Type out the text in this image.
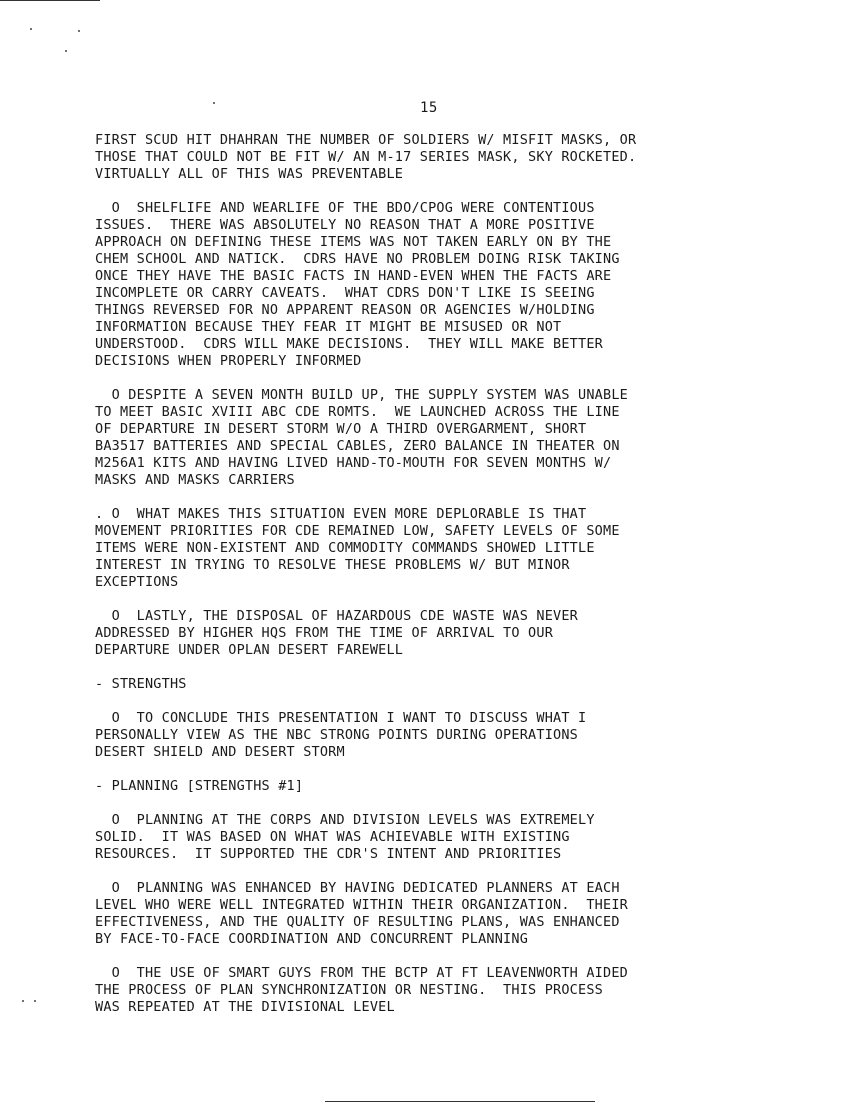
15

FIRST SCUD HIT DHAHRAN THE NUMBER OF SOLDIERS W/ MISFIT MASKS, OR
THOSE THAT COULD NOT BE FIT W/ AN M-17 SERIES MASK, SKY ROCKETED.
VIRTUALLY ALL OF THIS WAS PREVENTABLE

O  SHELFLIFE AND WEARLIFE OF THE BDO/CPOG WERE CONTENTIOUS
ISSUES.  THERE WAS ABSOLUTELY NO REASON THAT A MORE POSITIVE
APPROACH ON DEFINING THESE ITEMS WAS NOT TAKEN EARLY ON BY THE
CHEM SCHOOL AND NATICK.  CDRS HAVE NO PROBLEM DOING RISK TAKING
ONCE THEY HAVE THE BASIC FACTS IN HAND-EVEN WHEN THE FACTS ARE
INCOMPLETE OR CARRY CAVEATS.  WHAT CDRS DON'T LIKE IS SEEING
THINGS REVERSED FOR NO APPARENT REASON OR AGENCIES W/HOLDING
INFORMATION BECAUSE THEY FEAR IT MIGHT BE MISUSED OR NOT
UNDERSTOOD.  CDRS WILL MAKE DECISIONS.  THEY WILL MAKE BETTER
DECISIONS WHEN PROPERLY INFORMED

O DESPITE A SEVEN MONTH BUILD UP, THE SUPPLY SYSTEM WAS UNABLE
TO MEET BASIC XVIII ABC CDE ROMTS.  WE LAUNCHED ACROSS THE LINE
OF DEPARTURE IN DESERT STORM W/O A THIRD OVERGARMENT, SHORT
BA3517 BATTERIES AND SPECIAL CABLES, ZERO BALANCE IN THEATER ON
M256A1 KITS AND HAVING LIVED HAND-TO-MOUTH FOR SEVEN MONTHS W/
MASKS AND MASKS CARRIERS

. O  WHAT MAKES THIS SITUATION EVEN MORE DEPLORABLE IS THAT
MOVEMENT PRIORITIES FOR CDE REMAINED LOW, SAFETY LEVELS OF SOME
ITEMS WERE NON-EXISTENT AND COMMODITY COMMANDS SHOWED LITTLE
INTEREST IN TRYING TO RESOLVE THESE PROBLEMS W/ BUT MINOR
EXCEPTIONS

O  LASTLY, THE DISPOSAL OF HAZARDOUS CDE WASTE WAS NEVER
ADDRESSED BY HIGHER HQS FROM THE TIME OF ARRIVAL TO OUR
DEPARTURE UNDER OPLAN DESERT FAREWELL

- STRENGTHS

O  TO CONCLUDE THIS PRESENTATION I WANT TO DISCUSS WHAT I
PERSONALLY VIEW AS THE NBC STRONG POINTS DURING OPERATIONS
DESERT SHIELD AND DESERT STORM

- PLANNING [STRENGTHS #1]

O  PLANNING AT THE CORPS AND DIVISION LEVELS WAS EXTREMELY
SOLID.  IT WAS BASED ON WHAT WAS ACHIEVABLE WITH EXISTING
RESOURCES.  IT SUPPORTED THE CDR'S INTENT AND PRIORITIES

O  PLANNING WAS ENHANCED BY HAVING DEDICATED PLANNERS AT EACH
LEVEL WHO WERE WELL INTEGRATED WITHIN THEIR ORGANIZATION.  THEIR
EFFECTIVENESS, AND THE QUALITY OF RESULTING PLANS, WAS ENHANCED
BY FACE-TO-FACE COORDINATION AND CONCURRENT PLANNING

O  THE USE OF SMART GUYS FROM THE BCTP AT FT LEAVENWORTH AIDED
THE PROCESS OF PLAN SYNCHRONIZATION OR NESTING.  THIS PROCESS
WAS REPEATED AT THE DIVISIONAL LEVEL
